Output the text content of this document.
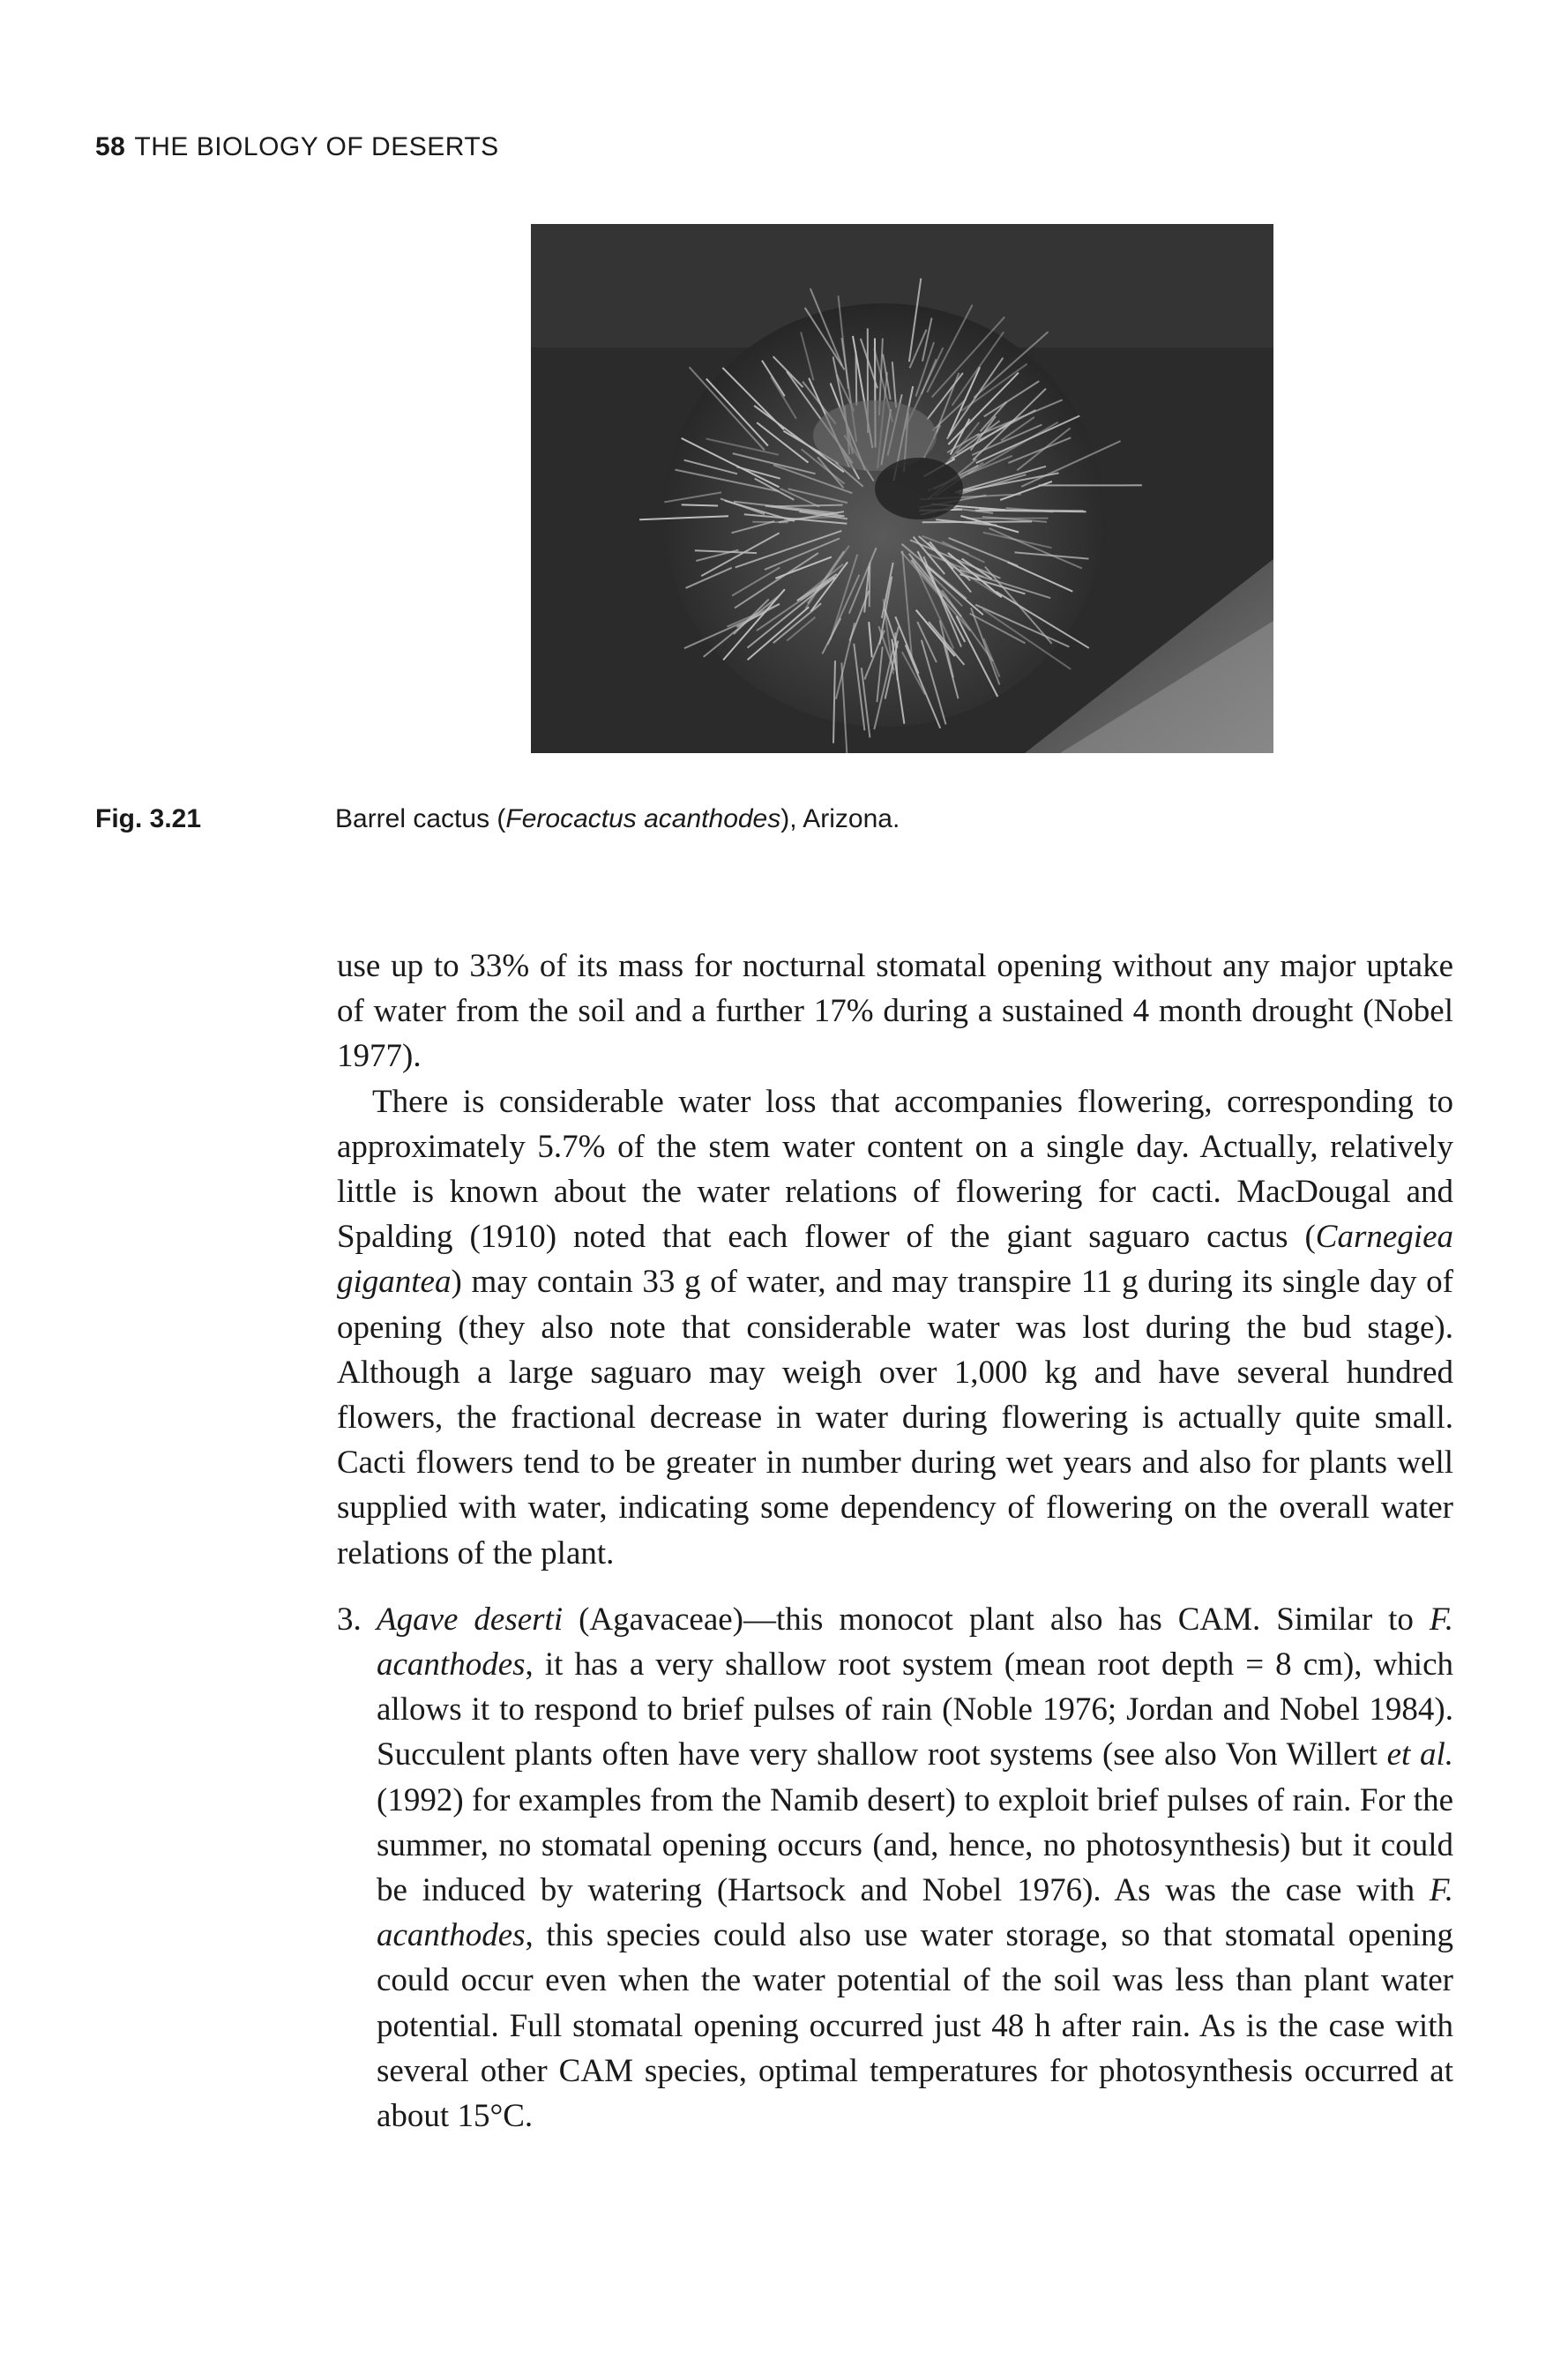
58 THE BIOLOGY OF DESERTS
Fig. 3.21	Barrel cactus (Ferocactus acanthodes), Arizona.

use up to 33% of its mass for nocturnal stomatal opening without any major uptake of water from the soil and a further 17% during a sustained 4 month drought (Nobel 1977).

There is considerable water loss that accompanies flowering, corresponding to approximately 5.7% of the stem water content on a single day. Actually, relatively little is known about the water relations of flowering for cacti. MacDougal and Spalding (1910) noted that each flower of the giant saguaro cactus (Carnegiea gigantea) may contain 33 g of water, and may transpire 11 g during its single day of opening (they also note that considerable water was lost during the bud stage). Although a large saguaro may weigh over 1,000 kg and have several hundred flowers, the fractional decrease in water during flowering is actually quite small. Cacti flowers tend to be greater in number during wet years and also for plants well supplied with water, indicating some dependency of flowering on the overall water relations of the plant.

3. Agave deserti (Agavaceae)—this monocot plant also has CAM. Similar to F. acanthodes, it has a very shallow root system (mean root depth = 8 cm), which allows it to respond to brief pulses of rain (Noble 1976; Jordan and Nobel 1984). Succulent plants often have very shallow root systems (see also Von Willert et al. (1992) for examples from the Namib desert) to exploit brief pulses of rain. For the summer, no stomatal opening occurs (and, hence, no photosynthesis) but it could be induced by watering (Hartsock and Nobel 1976). As was the case with F. acanthodes, this species could also use water storage, so that stomatal opening could occur even when the water potential of the soil was less than plant water potential. Full stomatal opening occurred just 48 h after rain. As is the case with several other CAM species, optimal temperatures for photosynthesis occurred at about 15°C.
